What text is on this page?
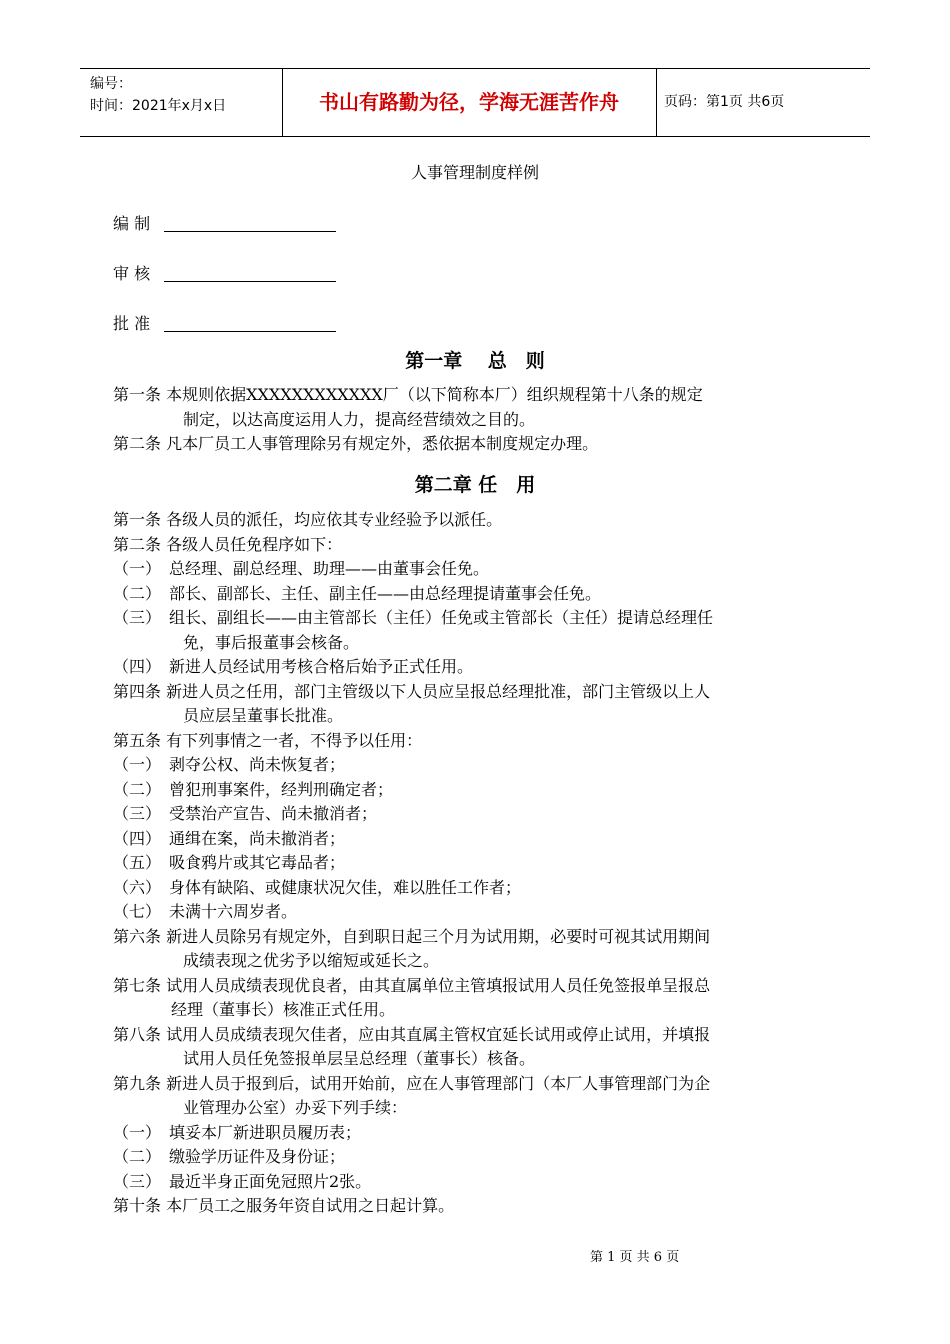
编号：
时间：2021年x月x日	书山有路勤为径，学海无涯苦作舟	页码：第1页 共6页
人事管理制度样例
编 制
审 核
批 准
第一章　 总　则
第一条 本规则依据XXXXXXXXXXXX厂（以下简称本厂）组织规程第十八条的规定
制定，以达高度运用人力，提高经营绩效之目的。
第二条 凡本厂员工人事管理除另有规定外，悉依据本制度规定办理。
第二章 任　用
第一条 各级人员的派任，均应依其专业经验予以派任。
第二条 各级人员任免程序如下：
（一）　总经理、副总经理、助理——由董事会任免。
（二）　部长、副部长、主任、副主任——由总经理提请董事会任免。
（三）　组长、副组长——由主管部长（主任）任免或主管部长（主任）提请总经理任
免，事后报董事会核备。
（四）　新进人员经试用考核合格后始予正式任用。
第四条 新进人员之任用，部门主管级以下人员应呈报总经理批准，部门主管级以上人
员应层呈董事长批准。
第五条 有下列事情之一者，不得予以任用：
（一）　剥夺公权、尚未恢复者；
（二）　曾犯刑事案件，经判刑确定者；
（三）　受禁治产宣告、尚未撤消者；
（四）　通缉在案，尚未撤消者；
（五）　吸食鸦片或其它毒品者；
（六）　身体有缺陷、或健康状况欠佳，难以胜任工作者；
（七）　未满十六周岁者。
第六条 新进人员除另有规定外，自到职日起三个月为试用期，必要时可视其试用期间
成绩表现之优劣予以缩短或延长之。
第七条 试用人员成绩表现优良者，由其直属单位主管填报试用人员任免签报单呈报总
经理（董事长）核准正式任用。
第八条 试用人员成绩表现欠佳者，应由其直属主管权宜延长试用或停止试用，并填报
试用人员任免签报单层呈总经理（董事长）核备。
第九条 新进人员于报到后，试用开始前，应在人事管理部门（本厂人事管理部门为企
业管理办公室）办妥下列手续：
（一）　填妥本厂新进职员履历表；
（二）　缴验学历证件及身份证；
（三）　最近半身正面免冠照片2张。
第十条 本厂员工之服务年资自试用之日起计算。
第 1 页 共 6 页
